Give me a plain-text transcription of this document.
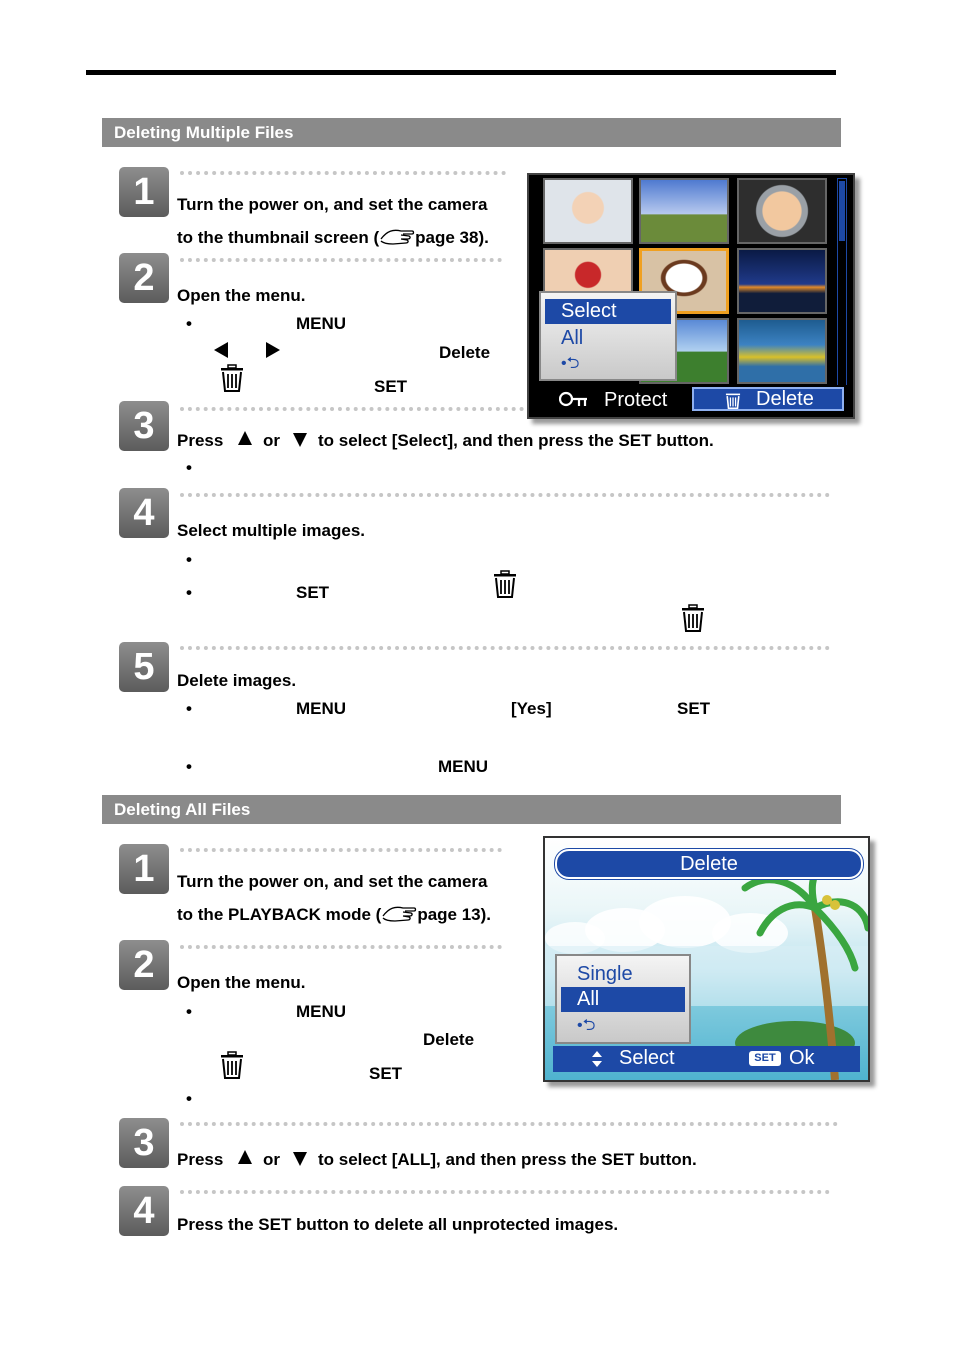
Deleting Multiple Files
1	Turn the power on, and set the camera
to the thumbnail screen ( page 38).
2	Open the menu.
•	MENU
Delete
SET
3	Press or to select [Select], and then press the SET button.
•
4	Select multiple images.
•
•	SET
5	Delete images.
•	MENU	[Yes]	SET
•	MENU
Select
All
•⮌
Protect	Delete
Deleting All Files
1	Turn the power on, and set the camera
to the PLAYBACK mode ( page 13).
2	Open the menu.
•	MENU
Delete
SET
•
3	Press or to select [ALL], and then press the SET button.
4	Press the SET button to delete all unprotected images.
Delete
Single
All
•⮌
Select	SET Ok
